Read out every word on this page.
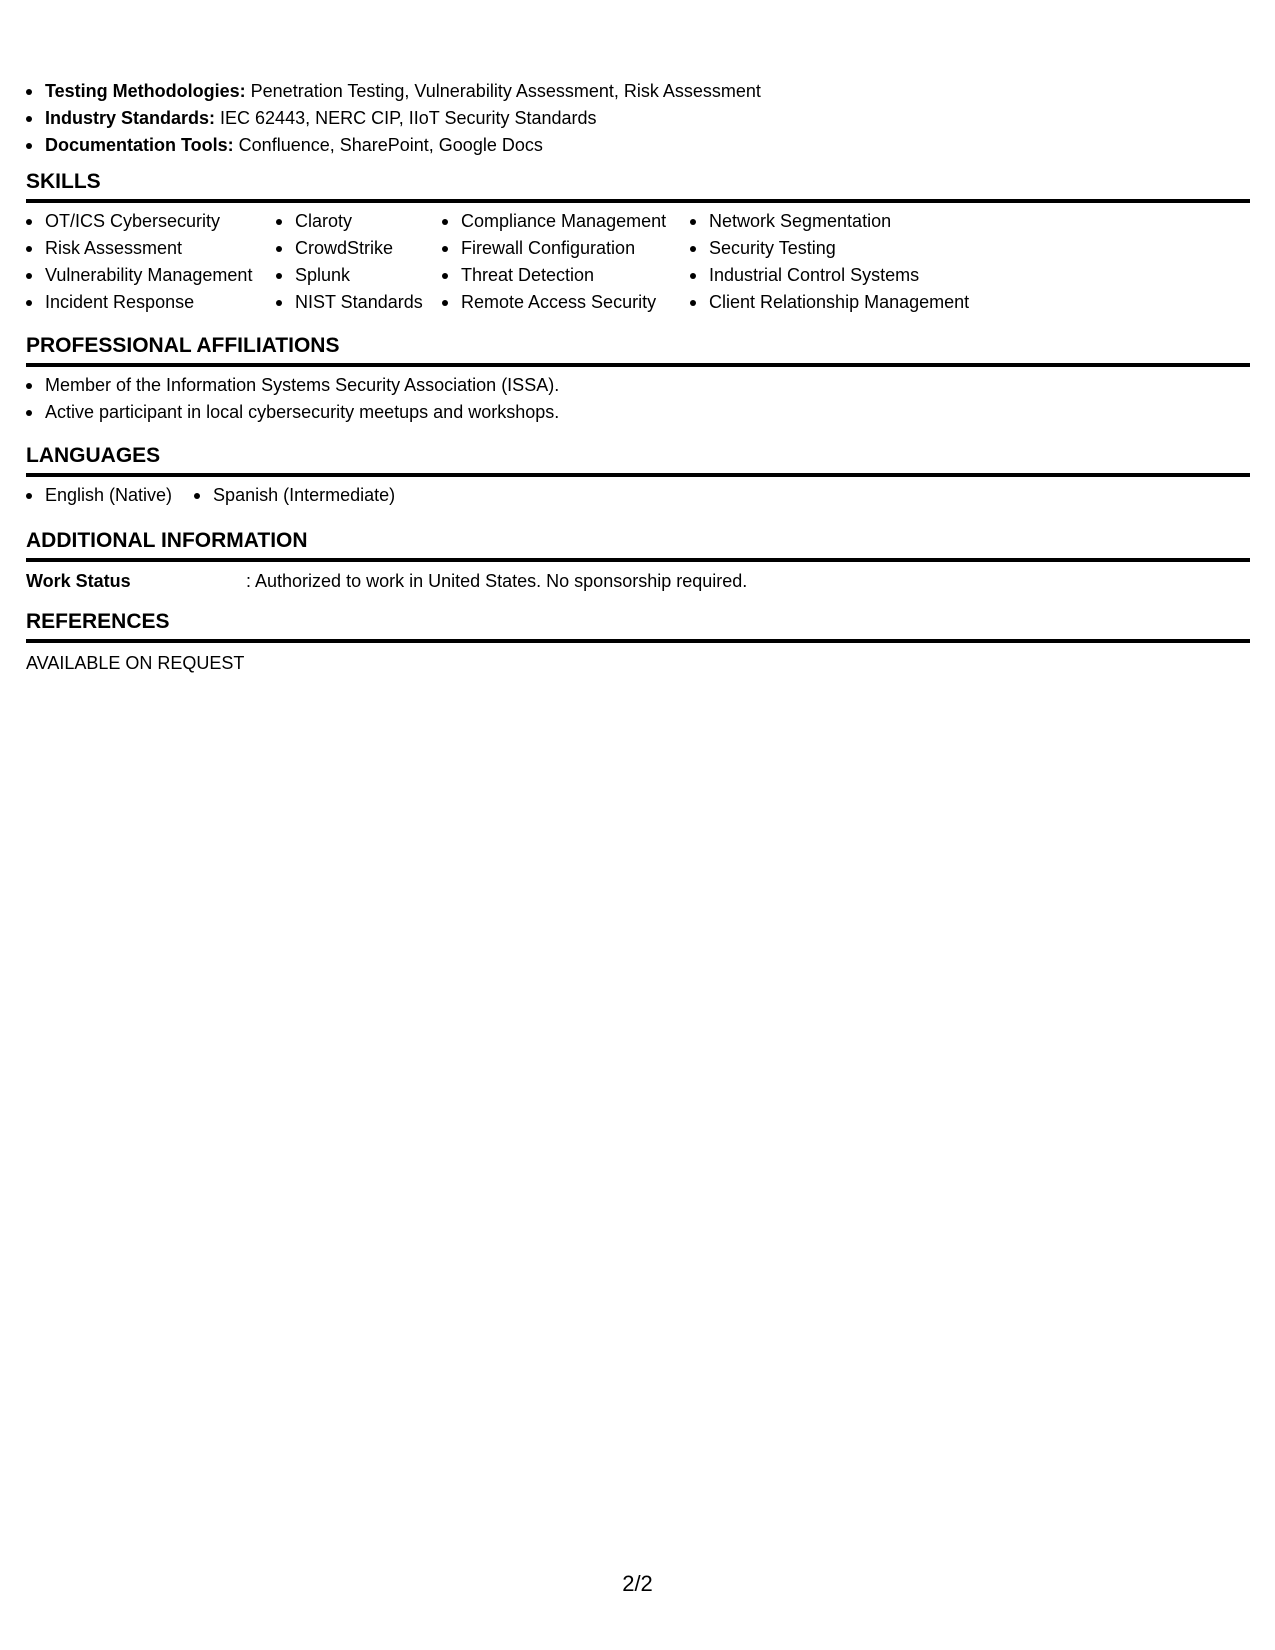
Testing Methodologies: Penetration Testing, Vulnerability Assessment, Risk Assessment
Industry Standards: IEC 62443, NERC CIP, IIoT Security Standards
Documentation Tools: Confluence, SharePoint, Google Docs
SKILLS
OT/ICS Cybersecurity
Risk Assessment
Vulnerability Management
Incident Response
Claroty
CrowdStrike
Splunk
NIST Standards
Compliance Management
Firewall Configuration
Threat Detection
Remote Access Security
Network Segmentation
Security Testing
Industrial Control Systems
Client Relationship Management
PROFESSIONAL AFFILIATIONS
Member of the Information Systems Security Association (ISSA).
Active participant in local cybersecurity meetups and workshops.
LANGUAGES
English (Native)	Spanish (Intermediate)
ADDITIONAL INFORMATION
Work Status	: Authorized to work in United States. No sponsorship required.
REFERENCES
AVAILABLE ON REQUEST
2/2
